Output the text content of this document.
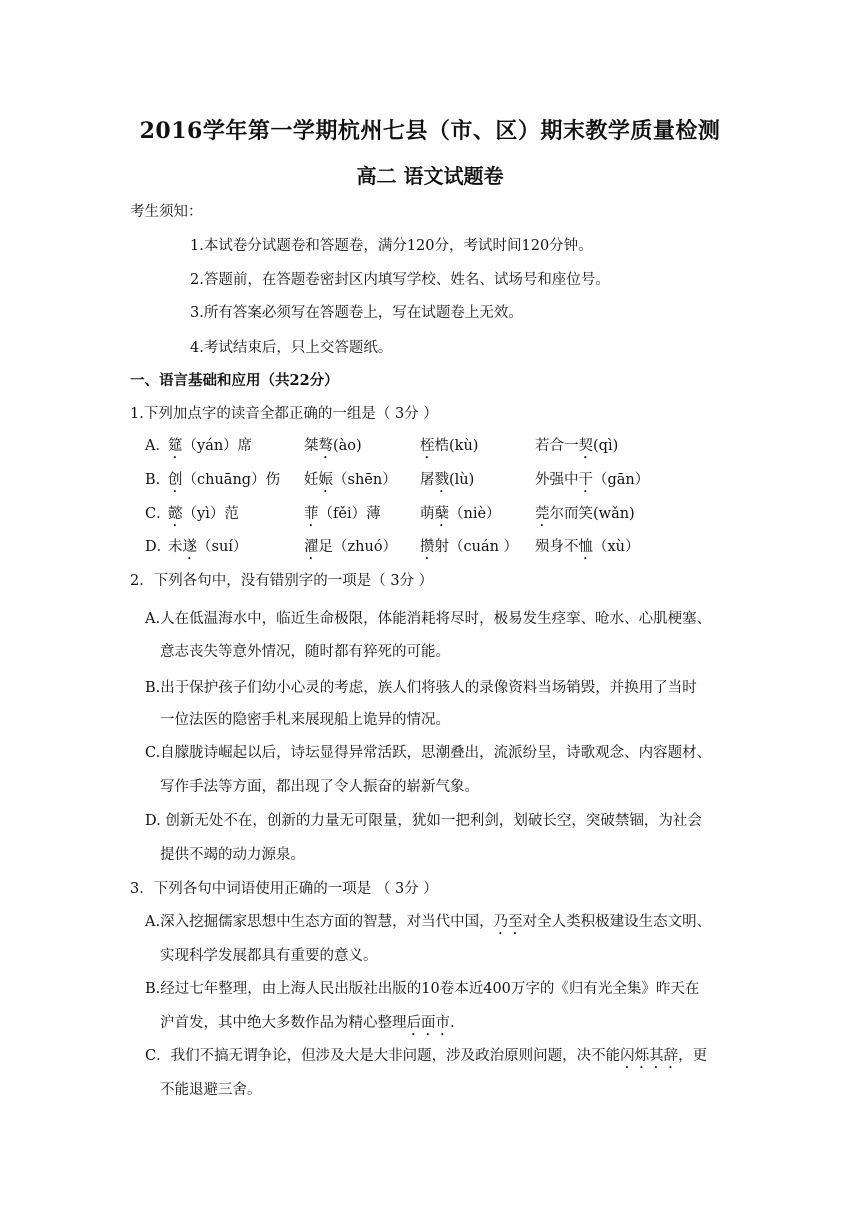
2016学年第一学期杭州七县（市、区）期末教学质量检测
高二 语文试题卷
考生须知：
1.本试卷分试题卷和答题卷，满分120分，考试时间120分钟。
2.答题前，在答题卷密封区内填写学校、姓名、试场号和座位号。
3.所有答案必须写在答题卷上，写在试题卷上无效。
4.考试结束后，只上交答题纸。
一、语言基础和应用（共22分）
1.下列加点字的读音全都正确的一组是（ 3分 ）
A．
筵（yán）席	桀骜(ào)	桎梏(kù)	若合一契(qì)
B．
创（chuāng）伤 妊娠（shēn） 屠戮(lù)	外强中干（gān）
C．
懿（yì）范	菲（fěi）薄	萌蘖（niè） 莞尔而笑(wǎn)
D．
未遂（suí）	濯足（zhuó） 攒射（cuán ） 殒身不恤（xù）
2．下列各句中，没有错别字的一项是（ 3分 ）
A.人在低温海水中，临近生命极限，体能消耗将尽时，极易发生痉挛、呛水、心肌梗塞、
意志丧失等意外情况，随时都有猝死的可能。
B.出于保护孩子们幼小心灵的考虑，族人们将骇人的录像资料当场销毁，并换用了当时
一位法医的隐密手札来展现船上诡异的情况。
C.自朦胧诗崛起以后，诗坛显得异常活跃，思潮叠出，流派纷呈，诗歌观念、内容题材、
写作手法等方面，都出现了令人振奋的崭新气象。
D. 创新无处不在，创新的力量无可限量，犹如一把利剑，划破长空，突破禁锢，为社会
提供不竭的动力源泉。
3．下列各句中词语使用正确的一项是 （ 3分 ）
A.深入挖掘儒家思想中生态方面的智慧，对当代中国，乃至对全人类积极建设生态文明、
实现科学发展都具有重要的意义。
B.经过七年整理，由上海人民出版社出版的10卷本近400万字的《归有光全集》昨天在
沪首发，其中绝大多数作品为精心整理后面市.
C．我们不搞无谓争论，但涉及大是大非问题，涉及政治原则问题，决不能闪烁其辞，更
不能退避三舍。
